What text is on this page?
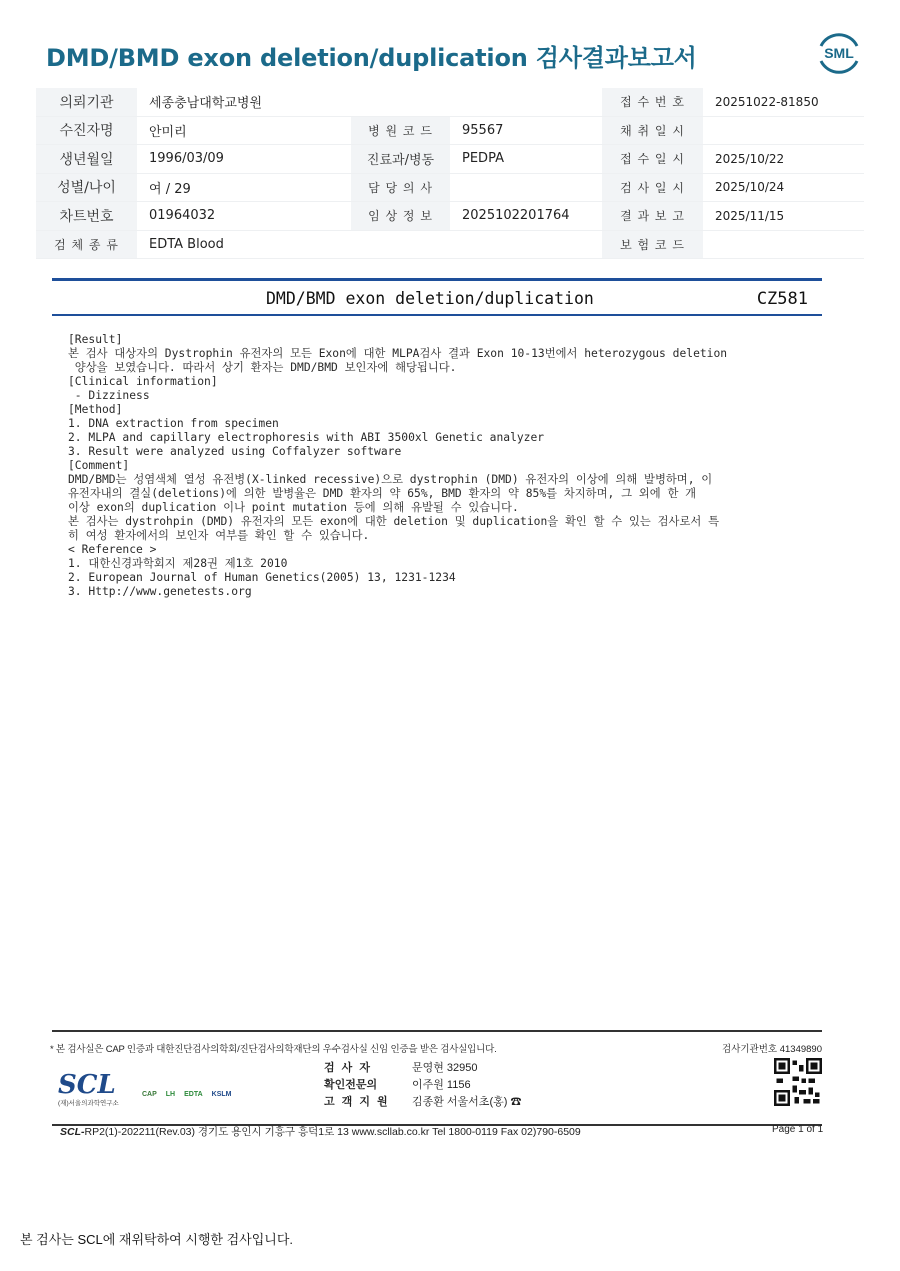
DMD/BMD exon deletion/duplication 검사결과보고서	SML
의뢰기관	세종충남대학교병원			접 수 번 호	20251022-81850
수진자명	안미리	병 원 코 드	95567	채 취 일 시	
생년월일	1996/03/09	진료과/병동	PEDPA	접 수 일 시	2025/10/22
성별/나이	여 / 29	담 당 의 사		검 사 일 시	2025/10/24
차트번호	01964032	임 상 정 보	2025102201764	결 과 보 고	2025/11/15
검 체 종 류	EDTA Blood			보 험 코 드	
DMD/BMD exon deletion/duplication	CZ581

[Result]

본 검사 대상자의 Dystrophin 유전자의 모든 Exon에 대한 MLPA검사 결과 Exon 10-13번에서 heterozygous deletion

양상을 보였습니다. 따라서 상기 환자는 DMD/BMD 보인자에 해당됩니다.

[Clinical information]

- Dizziness

[Method]

1. DNA extraction from specimen

2. MLPA and capillary electrophoresis with ABI 3500xl Genetic analyzer

3. Result were analyzed using Coffalyzer software

[Comment]

DMD/BMD는 성염색체 열성 유전병(X-linked recessive)으로 dystrophin (DMD) 유전자의 이상에 의해 발병하며, 이

유전자내의 결실(deletions)에 의한 발병율은 DMD 환자의 약 65%, BMD 환자의 약 85%를 차지하며, 그 외에 한 개

이상 exon의 duplication 이나 point mutation 등에 의해 유발될 수 있습니다.

본 검사는 dystrohpin (DMD) 유전자의 모든 exon에 대한 deletion 및 duplication을 확인 할 수 있는 검사로서 특

히 여성 환자에서의 보인자 여부를 확인 할 수 있습니다.

< Reference >

1. 대한신경과학회지 제28권 제1호 2010

2. European Journal of Human Genetics(2005) 13, 1231-1234

3. Http://www.genetests.org

* 본 검사실은 CAP 인증과 대한진단검사의학회/진단검사의학재단의 우수검사실 신임 인증을 받은 검사실입니다.	검사기관번호 41349890
SCL
(재)서울의과학연구소
CAP LH EDTA KSLM
검 사 자	문영현 32950
확인전문의	이주원 1156
고 객 지 원	김종환 서울서초(홍) ☎
SCL-RP2(1)-202211(Rev.03) 경기도 용인시 기흥구 흥덕1로 13 www.scllab.co.kr Tel 1800-0119 Fax 02)790-6509	Page 1 of 1
본 검사는 SCL에 재위탁하여 시행한 검사입니다.
